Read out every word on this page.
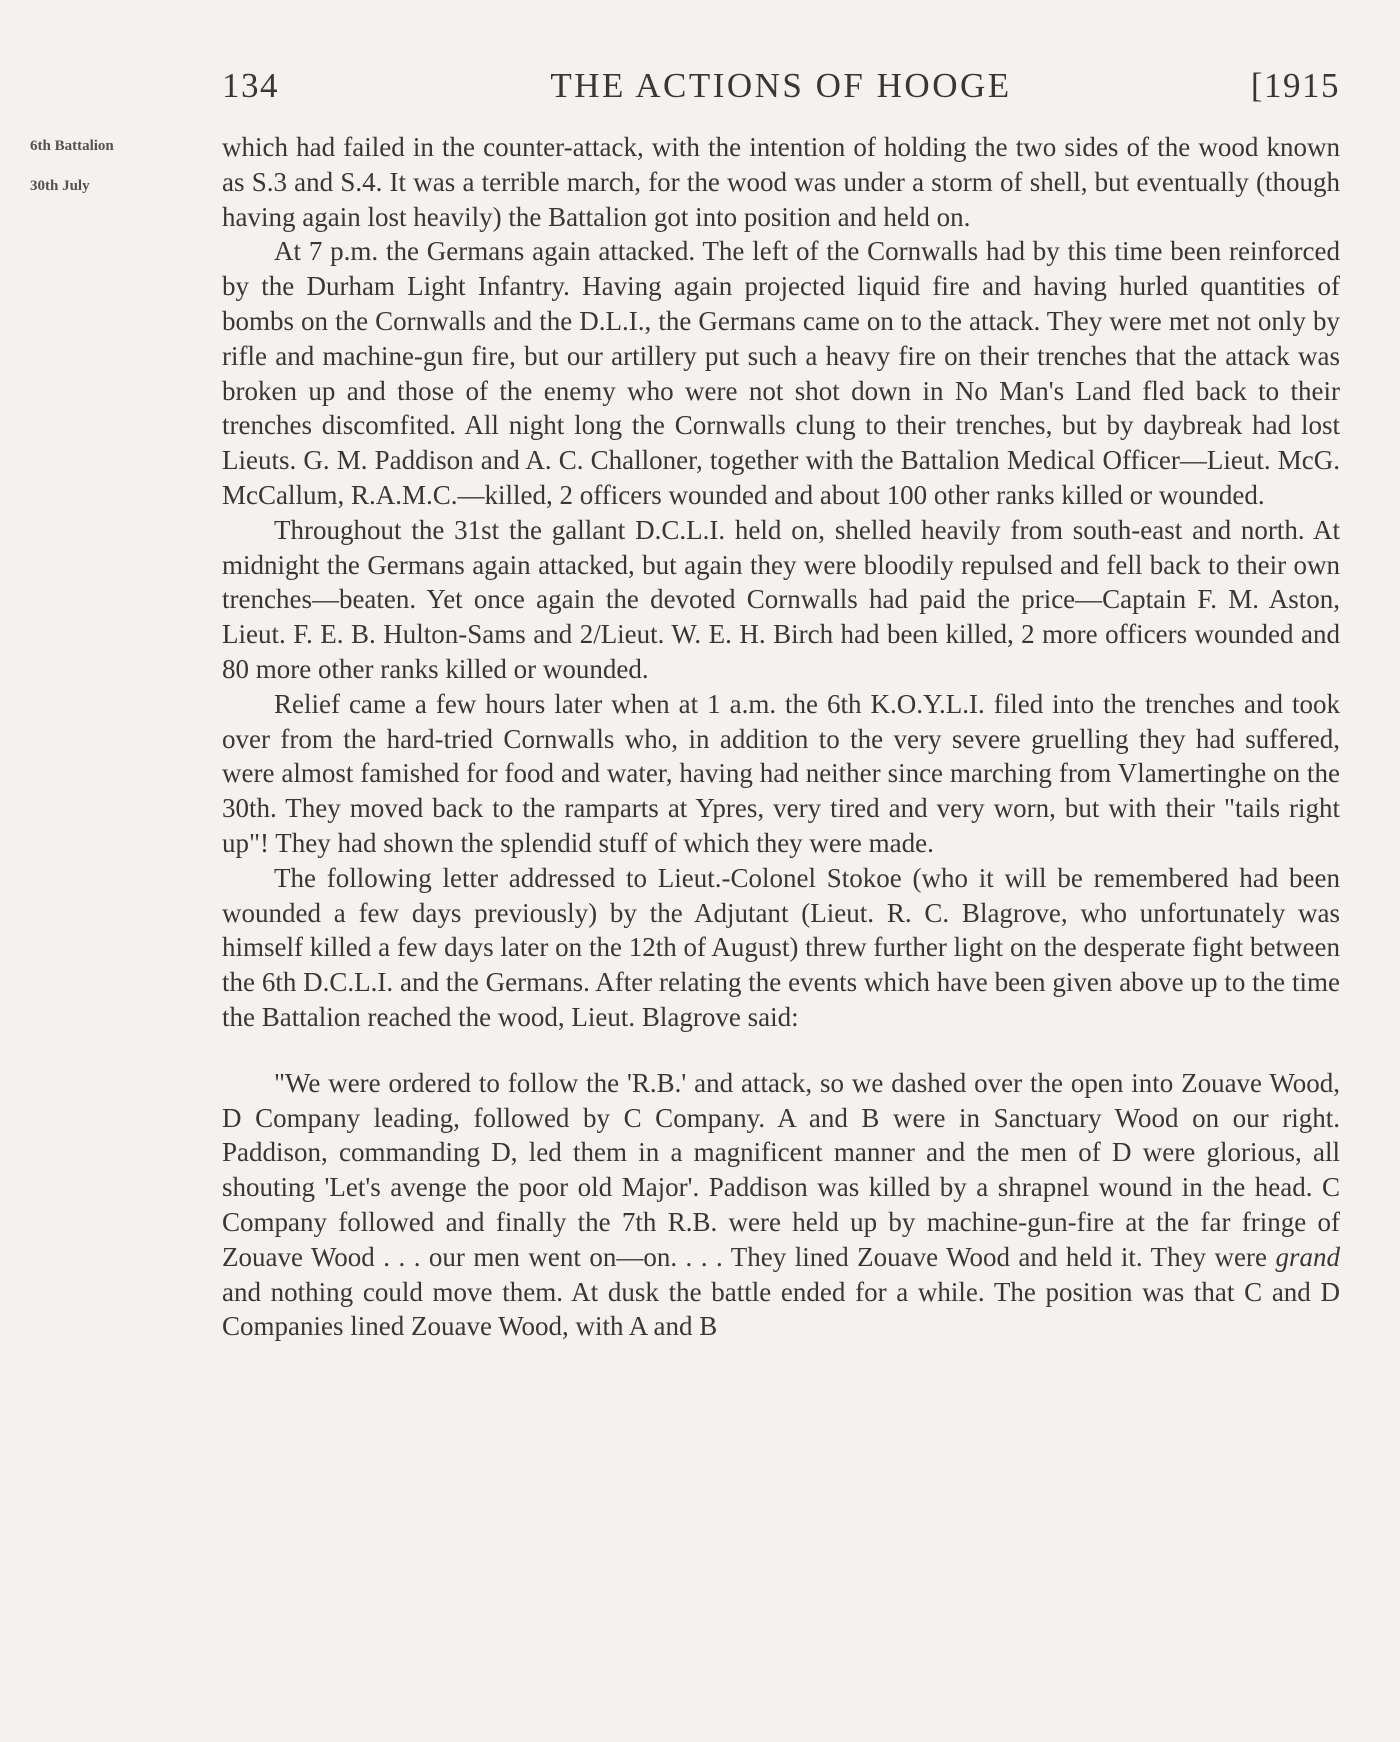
134	THE ACTIONS OF HOOGE	[1915
6th Battalion
30th July

which had failed in the counter-attack, with the intention of holding the two sides of the wood known as S.3 and S.4. It was a terrible march, for the wood was under a storm of shell, but eventually (though having again lost heavily) the Battalion got into position and held on.

At 7 p.m. the Germans again attacked. The left of the Cornwalls had by this time been reinforced by the Durham Light Infantry. Having again projected liquid fire and having hurled quantities of bombs on the Cornwalls and the D.L.I., the Germans came on to the attack. They were met not only by rifle and machine-gun fire, but our artillery put such a heavy fire on their trenches that the attack was broken up and those of the enemy who were not shot down in No Man's Land fled back to their trenches discomfited. All night long the Cornwalls clung to their trenches, but by daybreak had lost Lieuts. G. M. Paddison and A. C. Challoner, together with the Battalion Medical Officer—Lieut. McG. McCallum, R.A.M.C.—killed, 2 officers wounded and about 100 other ranks killed or wounded.

Throughout the 31st the gallant D.C.L.I. held on, shelled heavily from south-east and north. At midnight the Germans again attacked, but again they were bloodily repulsed and fell back to their own trenches—beaten. Yet once again the devoted Cornwalls had paid the price—Captain F. M. Aston, Lieut. F. E. B. Hulton-Sams and 2/Lieut. W. E. H. Birch had been killed, 2 more officers wounded and 80 more other ranks killed or wounded.

Relief came a few hours later when at 1 a.m. the 6th K.O.Y.L.I. filed into the trenches and took over from the hard-tried Cornwalls who, in addition to the very severe gruelling they had suffered, were almost famished for food and water, having had neither since marching from Vlamertinghe on the 30th. They moved back to the ramparts at Ypres, very tired and very worn, but with their "tails right up"! They had shown the splendid stuff of which they were made.

The following letter addressed to Lieut.-Colonel Stokoe (who it will be remembered had been wounded a few days previously) by the Adjutant (Lieut. R. C. Blagrove, who unfortunately was himself killed a few days later on the 12th of August) threw further light on the desperate fight between the 6th D.C.L.I. and the Germans. After relating the events which have been given above up to the time the Battalion reached the wood, Lieut. Blagrove said:

"We were ordered to follow the 'R.B.' and attack, so we dashed over the open into Zouave Wood, D Company leading, followed by C Company. A and B were in Sanctuary Wood on our right. Paddison, commanding D, led them in a magnificent manner and the men of D were glorious, all shouting 'Let's avenge the poor old Major'. Paddison was killed by a shrapnel wound in the head. C Company followed and finally the 7th R.B. were held up by machine-gun-fire at the far fringe of Zouave Wood . . . our men went on—on. . . . They lined Zouave Wood and held it. They were grand and nothing could move them. At dusk the battle ended for a while. The position was that C and D Companies lined Zouave Wood, with A and B
